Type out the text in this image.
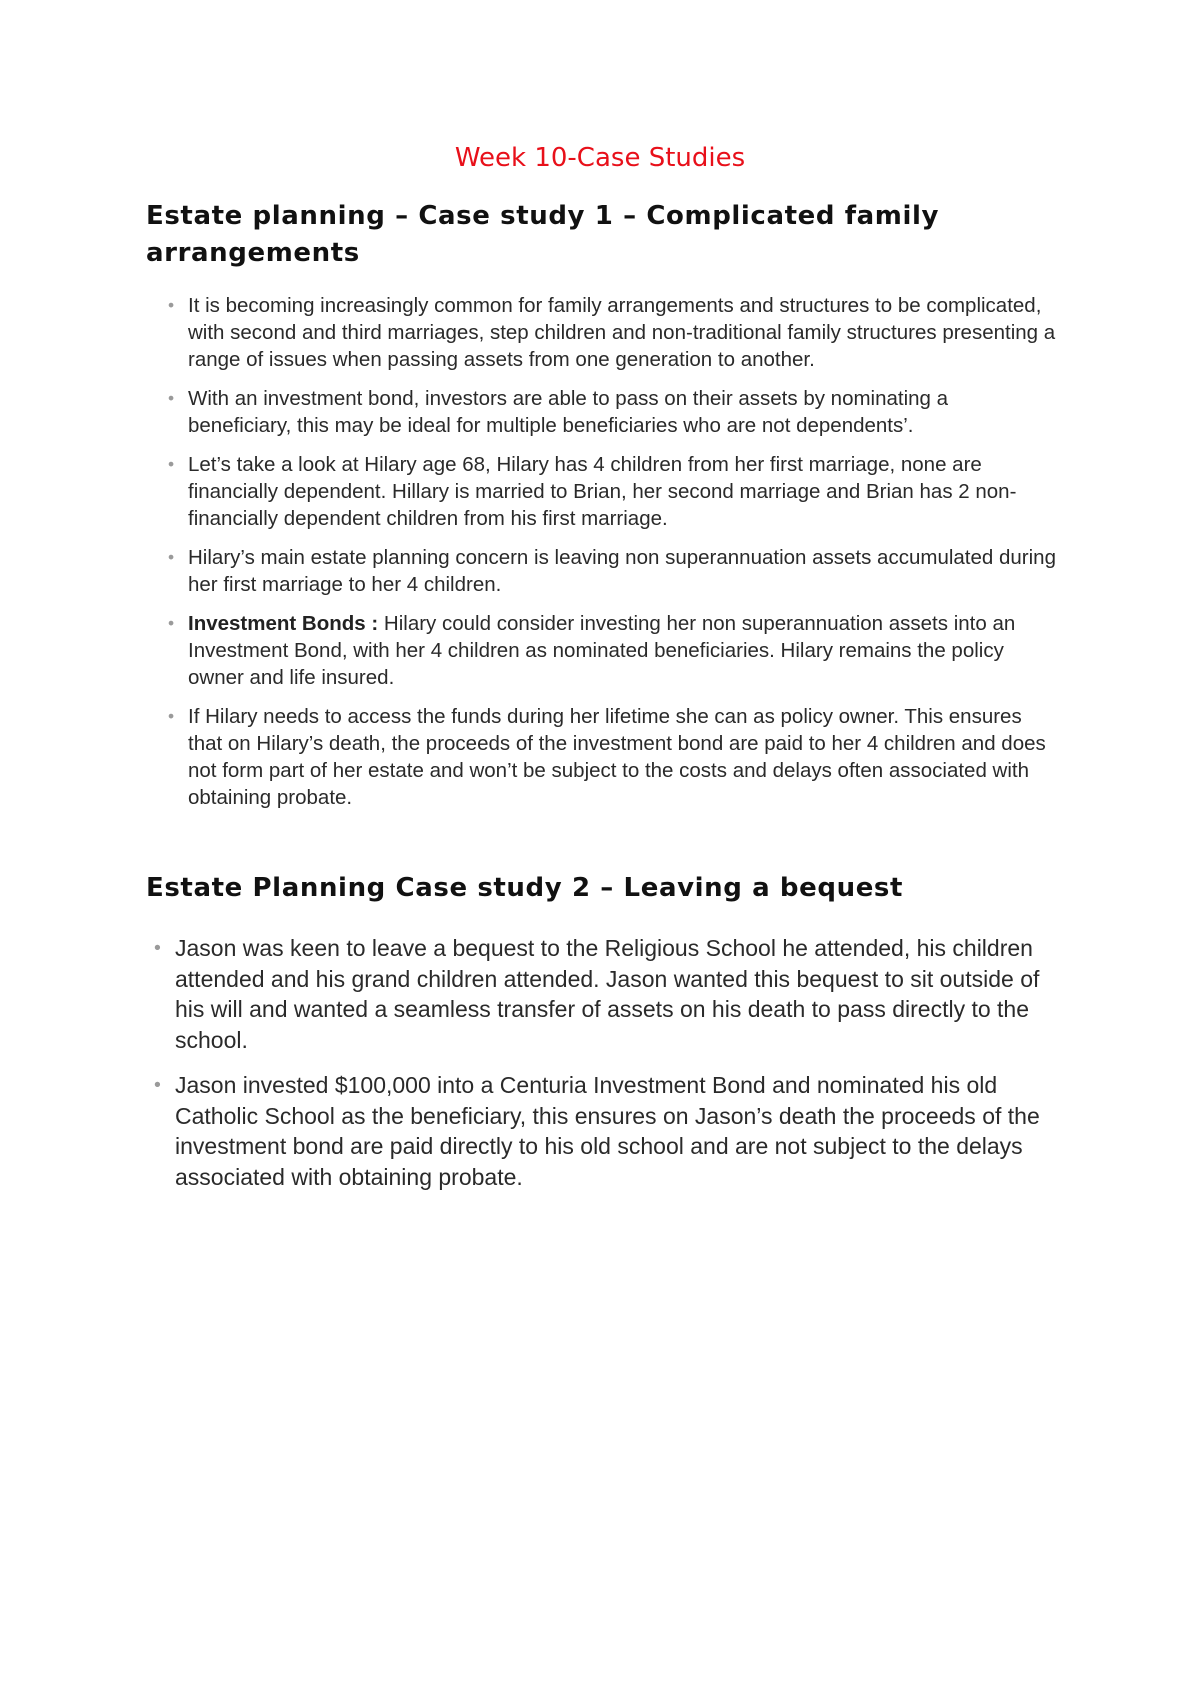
Week 10-Case Studies
Estate planning – Case study 1 – Complicated family arrangements
• It is becoming increasingly common for family arrangements and structures to be complicated, with second and third marriages, step children and non-traditional family structures presenting a range of issues when passing assets from one generation to another.
• With an investment bond, investors are able to pass on their assets by nominating a beneficiary, this may be ideal for multiple beneficiaries who are not dependents’.
• Let’s take a look at Hilary age 68, Hilary has 4 children from her first marriage, none are financially dependent. Hillary is married to Brian, her second marriage and Brian has 2 non-financially dependent children from his first marriage.
• Hilary’s main estate planning concern is leaving non superannuation assets accumulated during her first marriage to her 4 children.
• Investment Bonds : Hilary could consider investing her non superannuation assets into an Investment Bond, with her 4 children as nominated beneficiaries. Hilary remains the policy owner and life insured.
• If Hilary needs to access the funds during her lifetime she can as policy owner. This ensures that on Hilary’s death, the proceeds of the investment bond are paid to her 4 children and does not form part of her estate and won’t be subject to the costs and delays often associated with obtaining probate.
Estate Planning Case study 2 – Leaving a bequest
• Jason was keen to leave a bequest to the Religious School he attended, his children attended and his grand children attended. Jason wanted this bequest to sit outside of his will and wanted a seamless transfer of assets on his death to pass directly to the school.
• Jason invested $100,000 into a Centuria Investment Bond and nominated his old Catholic School as the beneficiary, this ensures on Jason’s death the proceeds of the investment bond are paid directly to his old school and are not subject to the delays associated with obtaining probate.
